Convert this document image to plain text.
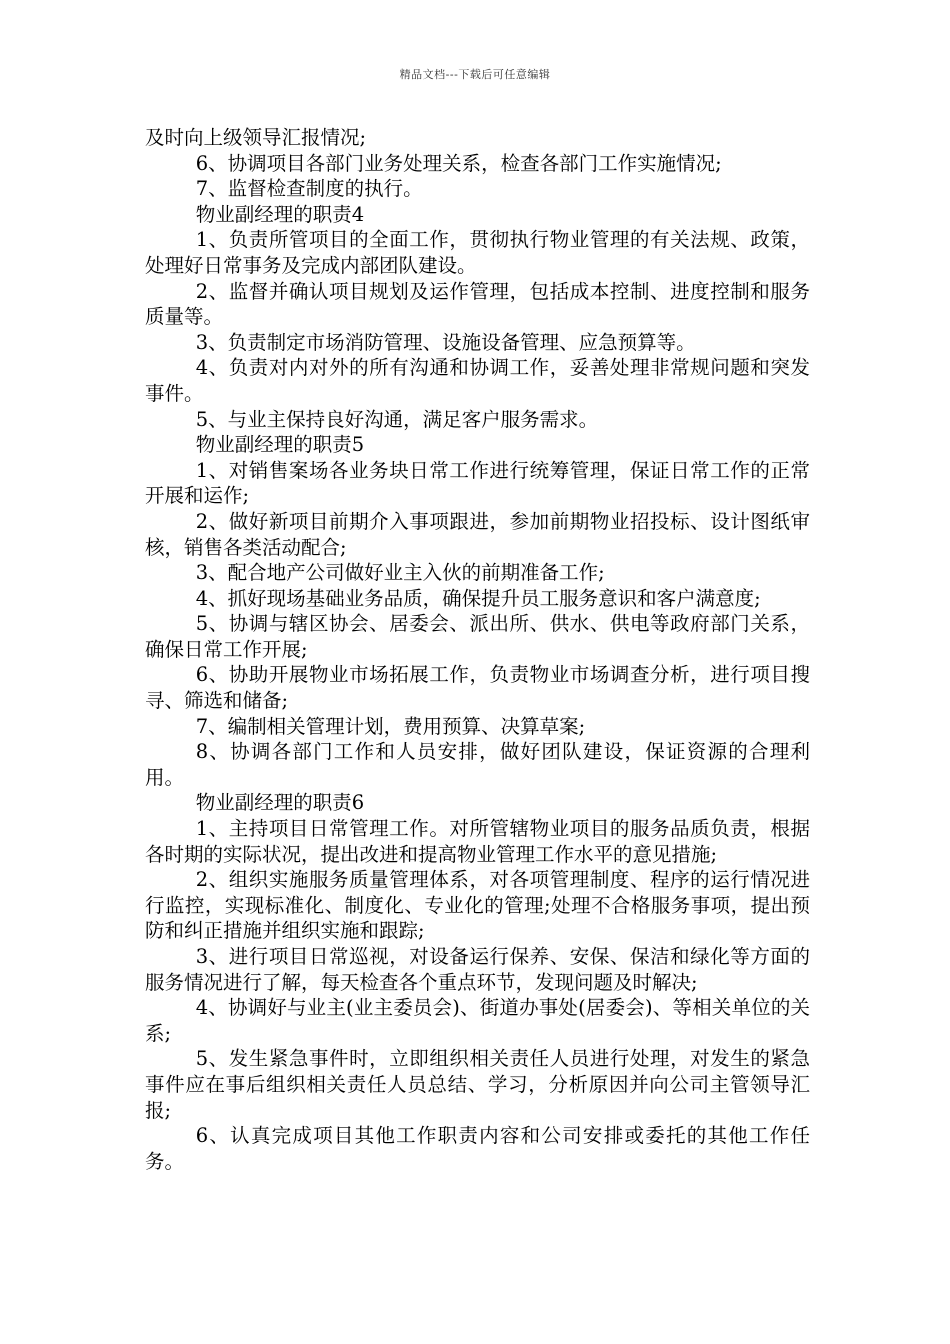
精品文档---下载后可任意编辑

及时向上级领导汇报情况;

6、协调项目各部门业务处理关系，检查各部门工作实施情况;

7、监督检查制度的执行。

物业副经理的职责4

1、负责所管项目的全面工作，贯彻执行物业管理的有关法规、政策，处理好日常事务及完成内部团队建设。

2、监督并确认项目规划及运作管理，包括成本控制、进度控制和服务质量等。

3、负责制定市场消防管理、设施设备管理、应急预算等。

4、负责对内对外的所有沟通和协调工作，妥善处理非常规问题和突发事件。

5、与业主保持良好沟通，满足客户服务需求。

物业副经理的职责5

1、对销售案场各业务块日常工作进行统筹管理，保证日常工作的正常开展和运作;

2、做好新项目前期介入事项跟进，参加前期物业招投标、设计图纸审核，销售各类活动配合;

3、配合地产公司做好业主入伙的前期准备工作;

4、抓好现场基础业务品质，确保提升员工服务意识和客户满意度;

5、协调与辖区协会、居委会、派出所、供水、供电等政府部门关系，确保日常工作开展;

6、协助开展物业市场拓展工作，负责物业市场调查分析，进行项目搜寻、筛选和储备;

7、编制相关管理计划，费用预算、决算草案;

8、协调各部门工作和人员安排，做好团队建设，保证资源的合理利用。

物业副经理的职责6

1、主持项目日常管理工作。对所管辖物业项目的服务品质负责，根据各时期的实际状况，提出改进和提高物业管理工作水平的意见措施;

2、组织实施服务质量管理体系，对各项管理制度、程序的运行情况进行监控，实现标准化、制度化、专业化的管理;处理不合格服务事项，提出预防和纠正措施并组织实施和跟踪;

3、进行项目日常巡视，对设备运行保养、安保、保洁和绿化等方面的服务情况进行了解，每天检查各个重点环节，发现问题及时解决;

4、协调好与业主(业主委员会)、街道办事处(居委会)、等相关单位的关系;

5、发生紧急事件时，立即组织相关责任人员进行处理，对发生的紧急事件应在事后组织相关责任人员总结、学习，分析原因并向公司主管领导汇报;

6、认真完成项目其他工作职责内容和公司安排或委托的其他工作任务。
